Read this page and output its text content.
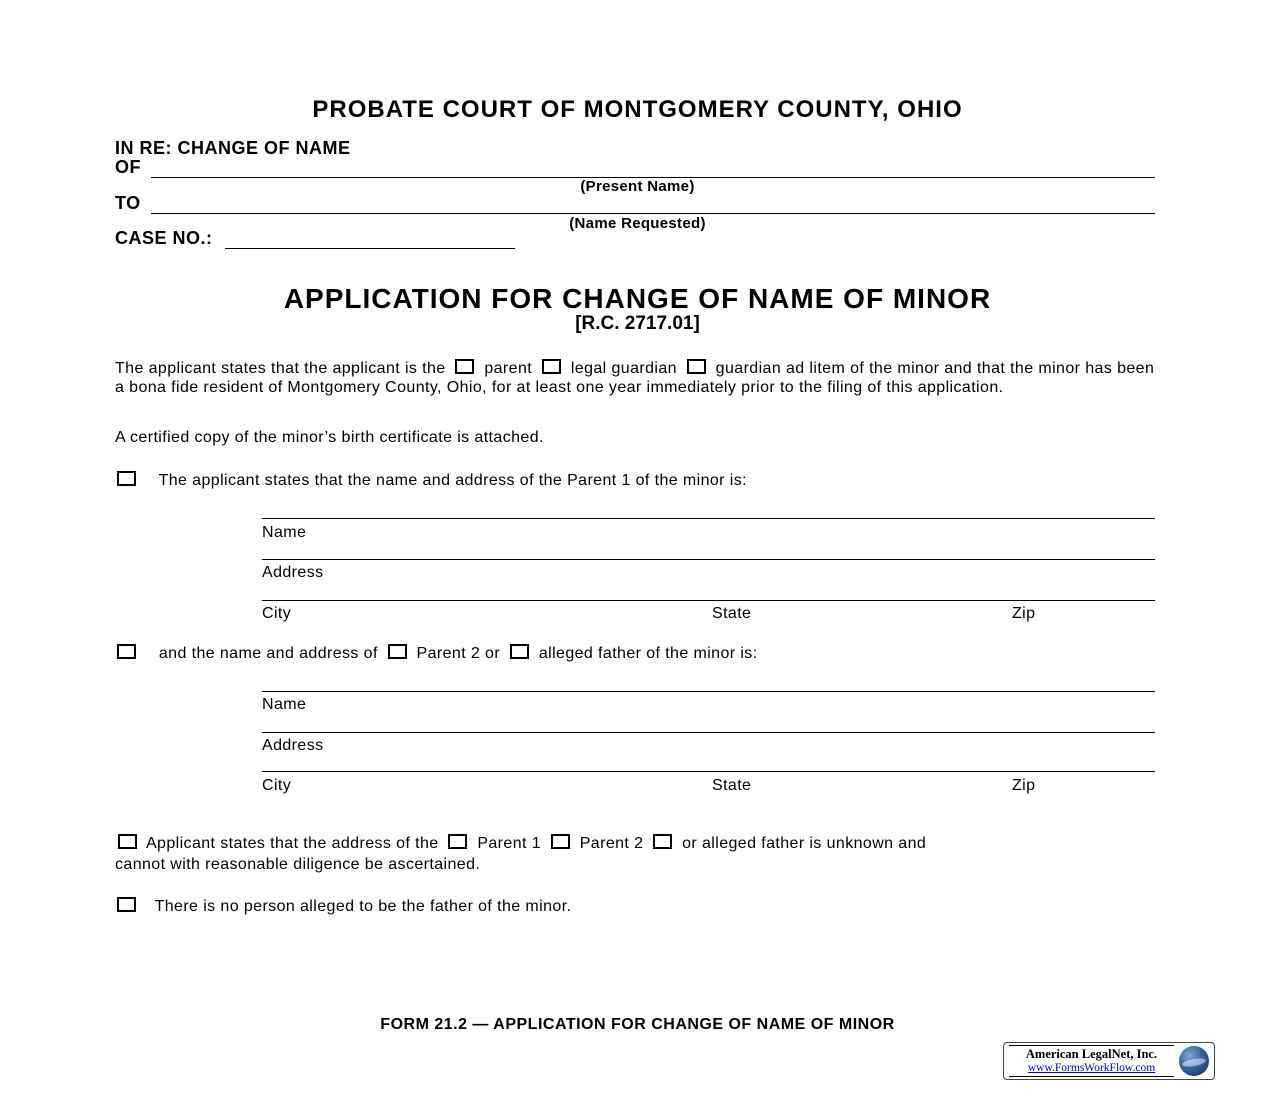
PROBATE COURT OF MONTGOMERY COUNTY, OHIO
IN RE: CHANGE OF NAME
OF
(Present Name)
TO
(Name Requested)
CASE NO.:
APPLICATION FOR CHANGE OF NAME OF MINOR
[R.C. 2717.01]

The applicant states that the applicant is the parent legal guardian guardian ad litem of the minor and that the minor has been a bona fide resident of Montgomery County, Ohio, for at least one year immediately prior to the filing of this application.

A certified copy of the minor’s birth certificate is attached.

The applicant states that the name and address of the Parent 1 of the minor is:
Name
Address
City	State	Zip
and the name and address of Parent 2 or alleged father of the minor is:
Name
Address
City	State	Zip
Applicant states that the address of the Parent 1 Parent 2 or alleged father is unknown and
cannot with reasonable diligence be ascertained.
There is no person alleged to be the father of the minor.
FORM 21.2 — APPLICATION FOR CHANGE OF NAME OF MINOR
American LegalNet, Inc.
www.FormsWorkFlow.com
